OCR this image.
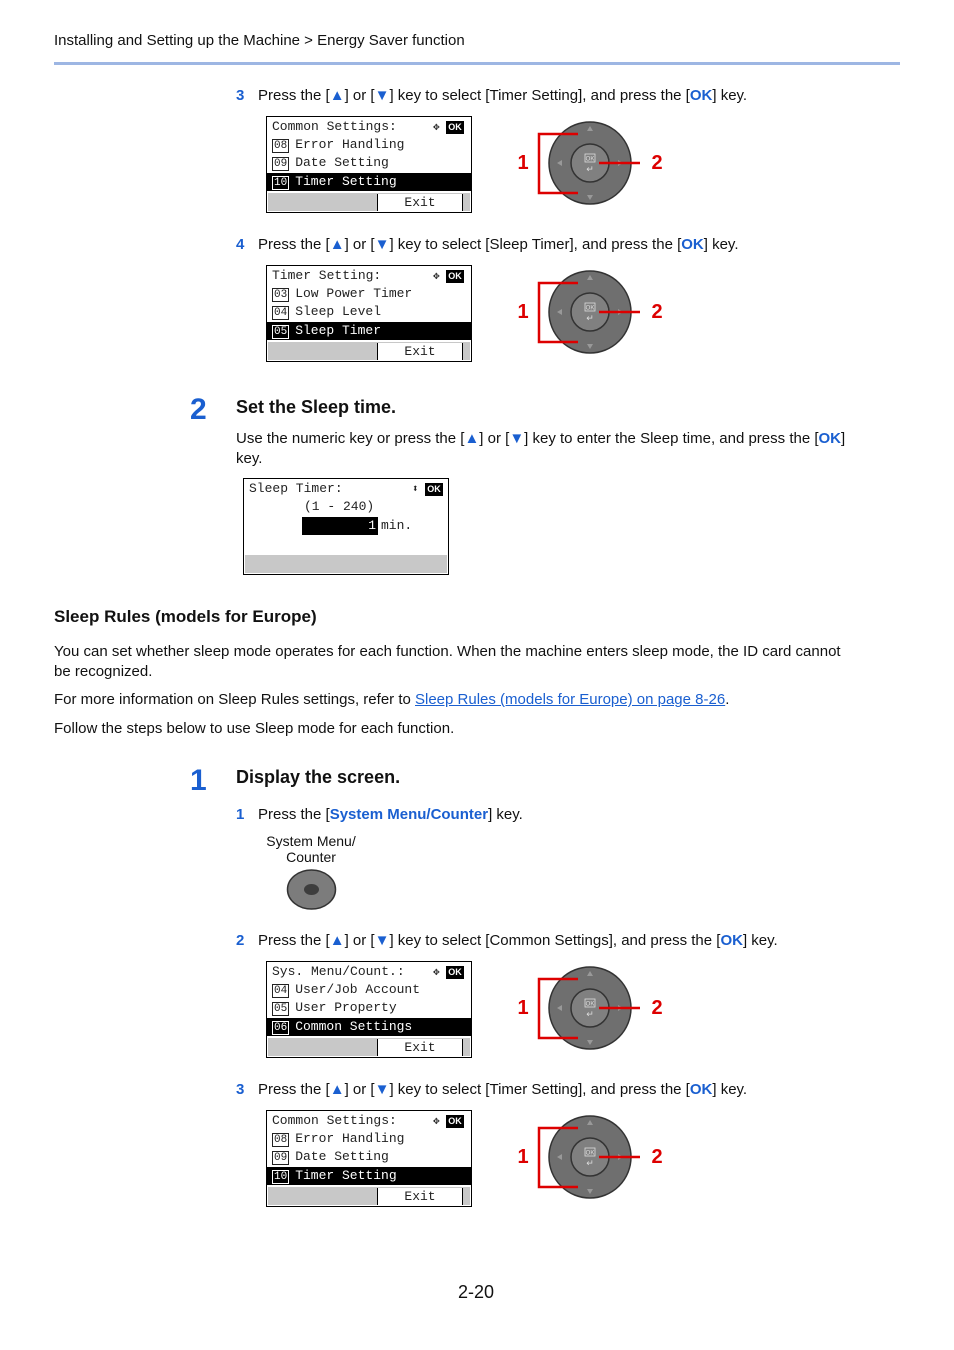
Installing and Setting up the Machine > Energy Saver function
3 Press the [▲] or [▼] key to select [Timer Setting], and press the [OK] key.
Common Settings:	✥ OK
08 Error Handling
09 Date Setting
10 Timer Setting
Exit
OK
↵
1	2
4 Press the [▲] or [▼] key to select [Sleep Timer], and press the [OK] key.
Timer Setting:	✥ OK
03 Low Power Timer
04 Sleep Level
05 Sleep Timer
Exit
OK
↵
1	2
2 Set the Sleep time.
Use the numeric key or press the [▲] or [▼] key to enter the Sleep time, and press the [OK]
key.
Sleep Timer:	⬍ OK
(1 - 240)
1 min.
Sleep Rules (models for Europe)
You can set whether sleep mode operates for each function. When the machine enters sleep mode, the ID card cannot
be recognized.
For more information on Sleep Rules settings, refer to Sleep Rules (models for Europe) on page 8-26.
Follow the steps below to use Sleep mode for each function.
1 Display the screen.
1 Press the [System Menu/Counter] key.
System Menu/
Counter
2 Press the [▲] or [▼] key to select [Common Settings], and press the [OK] key.
Sys. Menu/Count.:	✥ OK
04 User/Job Account
05 User Property
06 Common Settings
Exit
OK
↵
1	2
3 Press the [▲] or [▼] key to select [Timer Setting], and press the [OK] key.
Common Settings:	✥ OK
08 Error Handling
09 Date Setting
10 Timer Setting
Exit
OK
↵
1	2
2-20
